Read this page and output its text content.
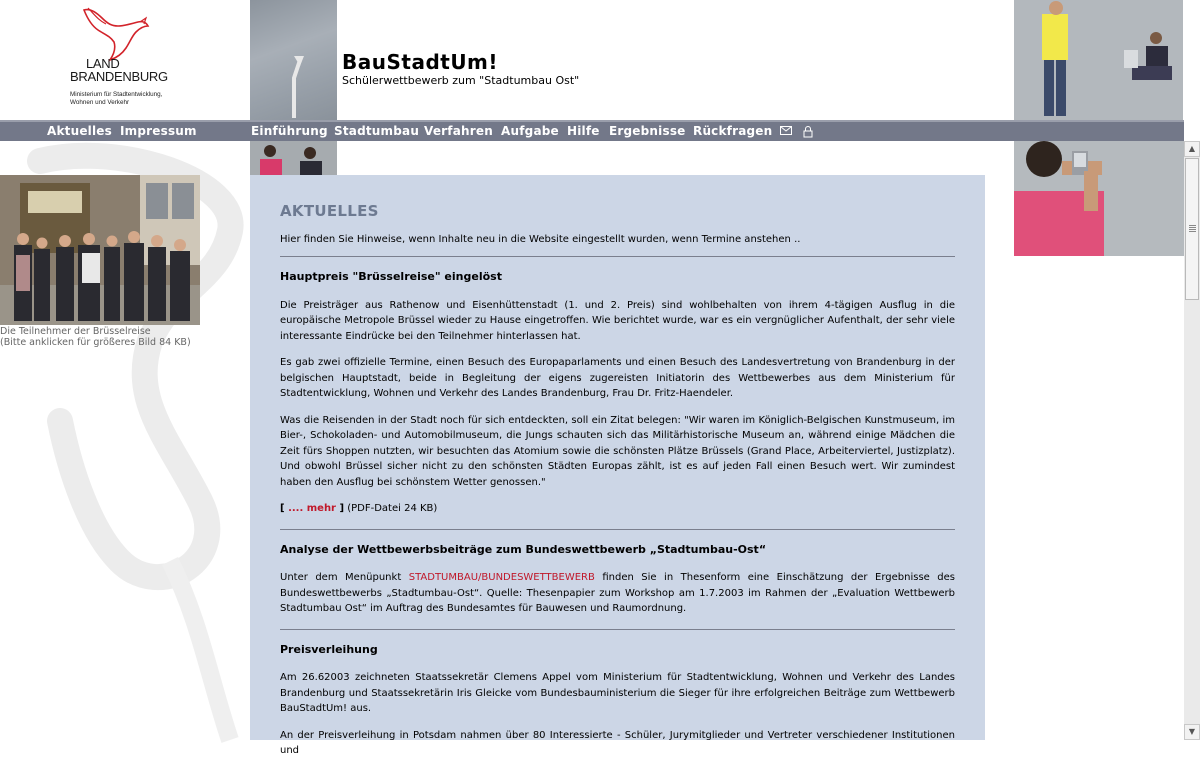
LAND
BRANDENBURG
Ministerium für Stadtentwicklung,
Wohnen und Verkehr
BauStadtUm!
Schülerwettbewerb zum "Stadtumbau Ost"
Aktuelles Impressum	Einführung Stadtumbau Verfahren Aufgabe Hilfe Ergebnisse Rückfragen
Die Teilnehmer der Brüsselreise
(Bitte anklicken für größeres Bild 84 KB)
AKTUELLES
Hier finden Sie Hinweise, wenn Inhalte neu in die Website eingestellt wurden, wenn Termine anstehen ..
Hauptpreis "Brüsselreise" eingelöst
Die Preisträger aus Rathenow und Eisenhüttenstadt (1. und 2. Preis) sind wohlbehalten von ihrem 4-tägigen Ausflug in die europäische Metropole Brüssel wieder zu Hause eingetroffen. Wie berichtet wurde, war es ein vergnüglicher Aufenthalt, der sehr viele interessante Eindrücke bei den Teilnehmer hinterlassen hat.
Es gab zwei offizielle Termine, einen Besuch des Europaparlaments und einen Besuch des Landesvertretung von Brandenburg in der belgischen Hauptstadt, beide in Begleitung der eigens zugereisten Initiatorin des Wettbewerbes aus dem Ministerium für Stadtentwicklung, Wohnen und Verkehr des Landes Brandenburg, Frau Dr. Fritz-Haendeler.
Was die Reisenden in der Stadt noch für sich entdeckten, soll ein Zitat belegen: "Wir waren im Königlich-Belgischen Kunstmuseum, im Bier-, Schokoladen- und Automobilmuseum, die Jungs schauten sich das Militärhistorische Museum an, während einige Mädchen die Zeit fürs Shoppen nutzten, wir besuchten das Atomium sowie die schönsten Plätze Brüssels (Grand Place, Arbeiterviertel, Justizplatz). Und obwohl Brüssel sicher nicht zu den schönsten Städten Europas zählt, ist es auf jeden Fall einen Besuch wert. Wir zumindest haben den Ausflug bei schönstem Wetter genossen."
[ .... mehr ] (PDF-Datei 24 KB)
Analyse der Wettbewerbsbeiträge zum Bundeswettbewerb „Stadtumbau-Ost“
Unter dem Menüpunkt STADTUMBAU/BUNDESWETTBEWERB finden Sie in Thesenform eine Einschätzung der Ergebnisse des Bundeswettbewerbs „Stadtumbau-Ost“. Quelle: Thesenpapier zum Workshop am 1.7.2003 im Rahmen der „Evaluation Wettbewerb Stadtumbau Ost“ im Auftrag des Bundesamtes für Bauwesen und Raumordnung.
Preisverleihung
Am 26.62003 zeichneten Staatssekretär Clemens Appel vom Ministerium für Stadtentwicklung, Wohnen und Verkehr des Landes Brandenburg und Staatssekretärin Iris Gleicke vom Bundesbauministerium die Sieger für ihre erfolgreichen Beiträge zum Wettbewerb BauStadtUm! aus.
An der Preisverleihung in Potsdam nahmen über 80 Interessierte - Schüler, Jurymitglieder und Vertreter verschiedener Institutionen und
▲
▼
